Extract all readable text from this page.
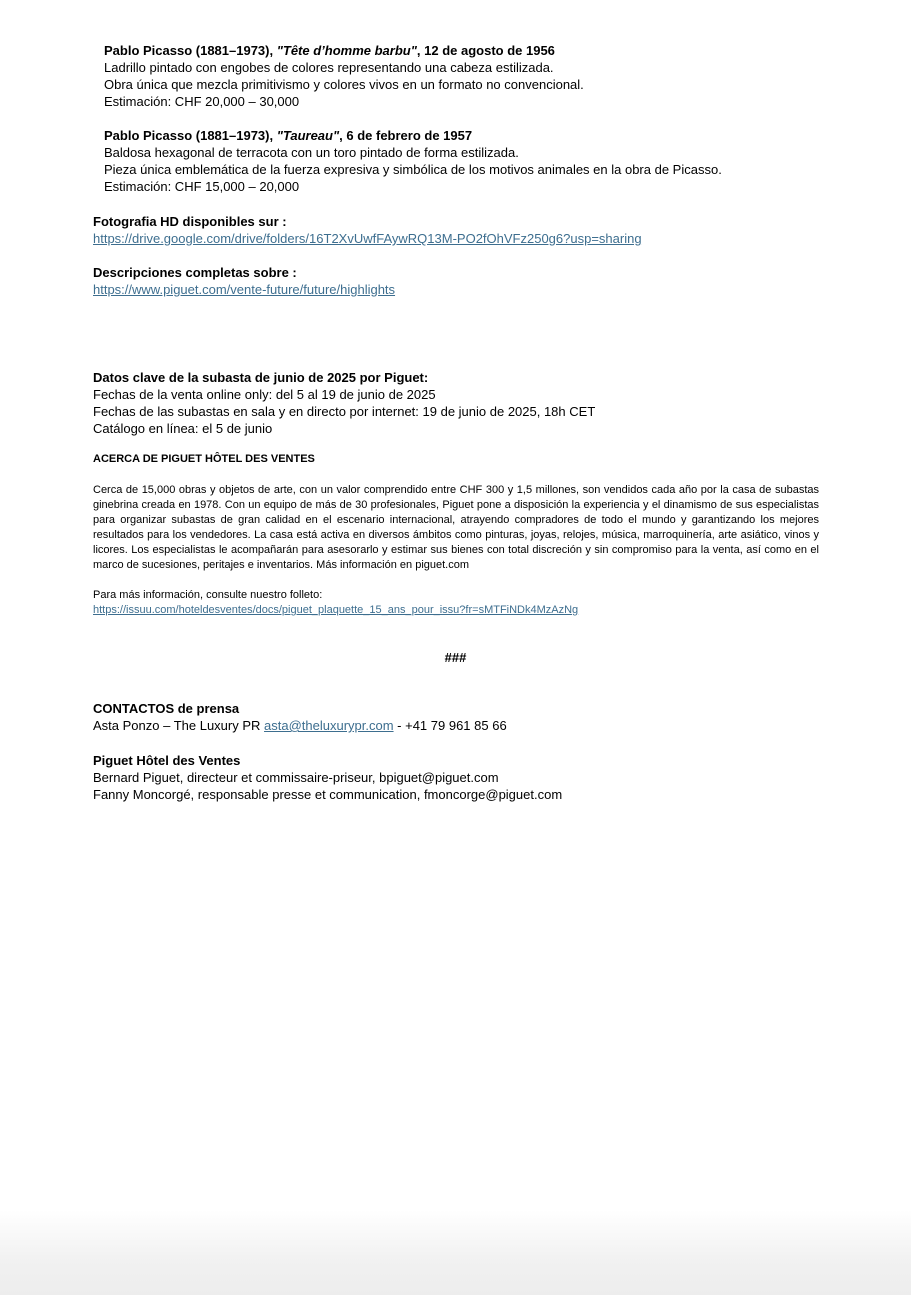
Pablo Picasso (1881–1973), "Tête d’homme barbu", 12 de agosto de 1956
Ladrillo pintado con engobes de colores representando una cabeza estilizada.
Obra única que mezcla primitivismo y colores vivos en un formato no convencional.
Estimación: CHF 20,000 – 30,000
Pablo Picasso (1881–1973), "Taureau", 6 de febrero de 1957
Baldosa hexagonal de terracota con un toro pintado de forma estilizada.
Pieza única emblemática de la fuerza expresiva y simbólica de los motivos animales en la obra de Picasso.
Estimación: CHF 15,000 – 20,000
Fotografia HD disponibles sur :
https://drive.google.com/drive/folders/16T2XvUwfFAywRQ13M-PO2fOhVFz250g6?usp=sharing
Descripciones completas sobre :
https://www.piguet.com/vente-future/future/highlights
Datos clave de la subasta de junio de 2025 por Piguet:
Fechas de la venta online only: del 5 al 19 de junio de 2025
Fechas de las subastas en sala y en directo por internet: 19 de junio de 2025, 18h CET
Catálogo en línea: el 5 de junio
ACERCA DE PIGUET HÔTEL DES VENTES
Cerca de 15,000 obras y objetos de arte, con un valor comprendido entre CHF 300 y 1,5 millones, son vendidos cada año por la casa de subastas ginebrina creada en 1978. Con un equipo de más de 30 profesionales, Piguet pone a disposición la experiencia y el dinamismo de sus especialistas para organizar subastas de gran calidad en el escenario internacional, atrayendo compradores de todo el mundo y garantizando los mejores resultados para los vendedores. La casa está activa en diversos ámbitos como pinturas, joyas, relojes, música, marroquinería, arte asiático, vinos y licores. Los especialistas le acompañarán para asesorarlo y estimar sus bienes con total discreción y sin compromiso para la venta, así como en el marco de sucesiones, peritajes e inventarios. Más información en piguet.com
Para más información, consulte nuestro folleto:
https://issuu.com/hoteldesventes/docs/piguet_plaquette_15_ans_pour_issu?fr=sMTFiNDk4MzAzNg
###
CONTACTOS de prensa
Asta Ponzo – The Luxury PR asta@theluxurypr.com - +41 79 961 85 66
Piguet Hôtel des Ventes
Bernard Piguet, directeur et commissaire-priseur, bpiguet@piguet.com
Fanny Moncorgé, responsable presse et communication, fmoncorge@piguet.com
